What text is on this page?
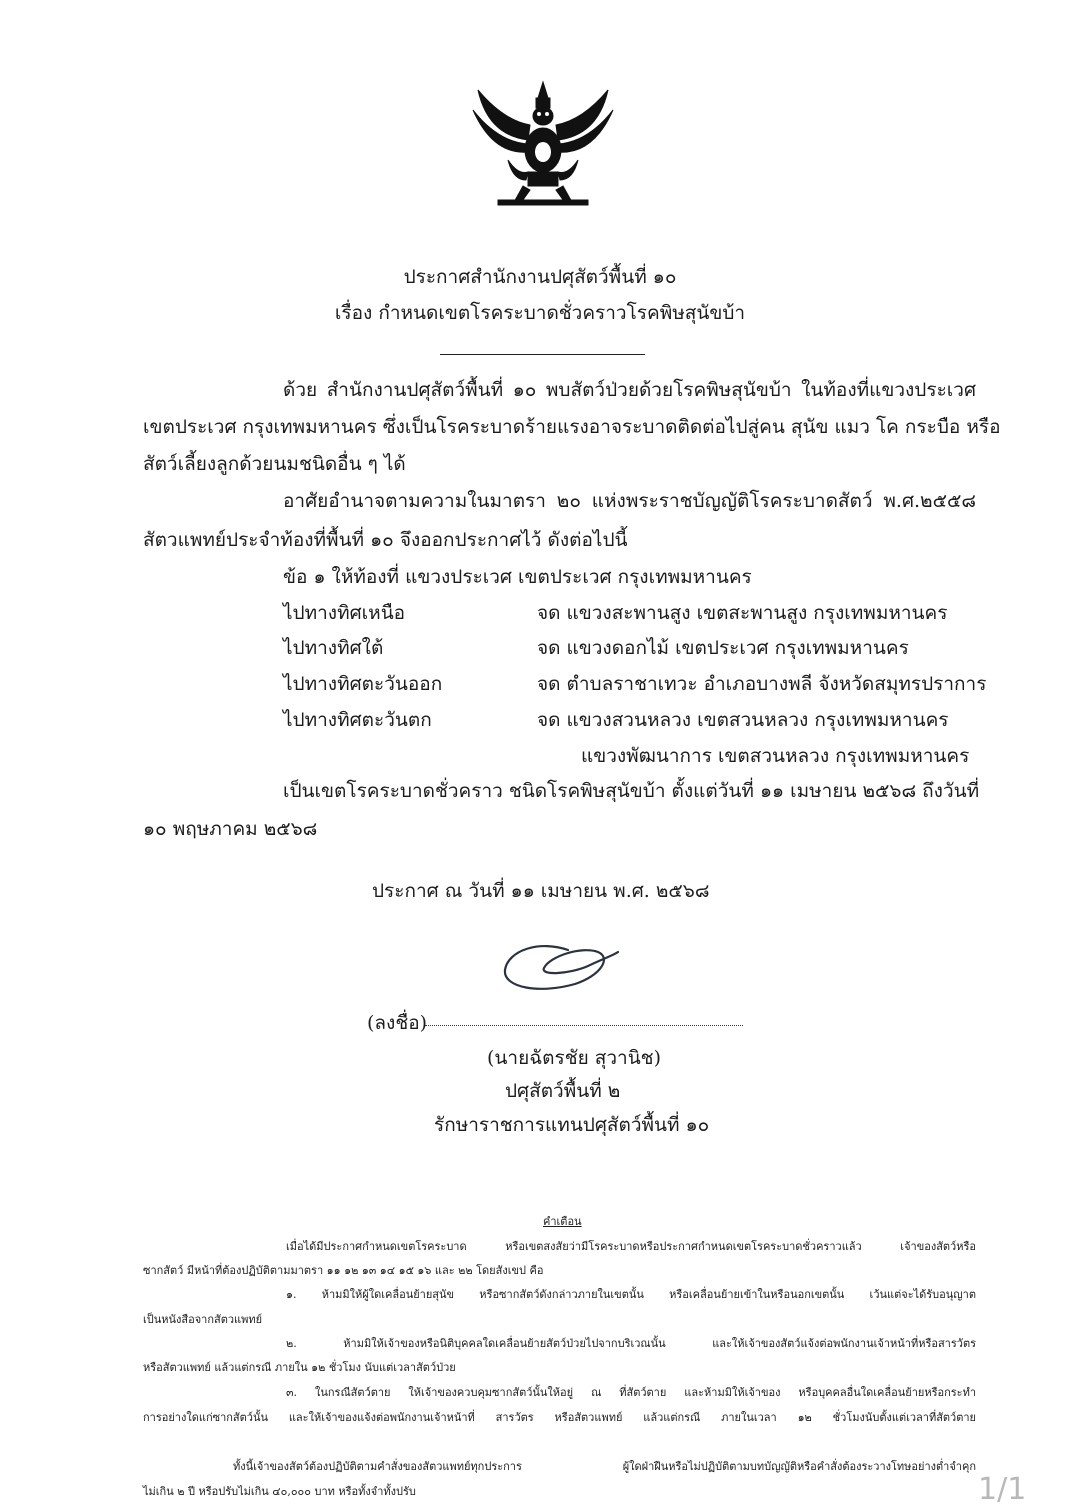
ประกาศสำนักงานปศุสัตว์พื้นที่ ๑๐
เรื่อง กำหนดเขตโรคระบาดชั่วคราวโรคพิษสุนัขบ้า
ด้วย สำนักงานปศุสัตว์พื้นที่ ๑๐ พบสัตว์ป่วยด้วยโรคพิษสุนัขบ้า ในท้องที่แขวงประเวศ
เขตประเวศ กรุงเทพมหานคร ซึ่งเป็นโรคระบาดร้ายแรงอาจระบาดติดต่อไปสู่คน สุนัข แมว โค กระบือ หรือ
สัตว์เลี้ยงลูกด้วยนมชนิดอื่น ๆ ได้
อาศัยอำนาจตามความในมาตรา ๒๐ แห่งพระราชบัญญัติโรคระบาดสัตว์ พ.ศ.๒๕๕๘
สัตวแพทย์ประจำท้องที่พื้นที่ ๑๐ จึงออกประกาศไว้ ดังต่อไปนี้
ข้อ ๑ ให้ท้องที่ แขวงประเวศ เขตประเวศ กรุงเทพมหานคร
ไปทางทิศเหนือ	จด แขวงสะพานสูง เขตสะพานสูง กรุงเทพมหานคร
ไปทางทิศใต้	จด แขวงดอกไม้ เขตประเวศ กรุงเทพมหานคร
ไปทางทิศตะวันออก	จด ตำบลราชาเทวะ อำเภอบางพลี จังหวัดสมุทรปราการ
ไปทางทิศตะวันตก	จด แขวงสวนหลวง เขตสวนหลวง กรุงเทพมหานคร
แขวงพัฒนาการ เขตสวนหลวง กรุงเทพมหานคร
เป็นเขตโรคระบาดชั่วคราว ชนิดโรคพิษสุนัขบ้า ตั้งแต่วันที่ ๑๑ เมษายน ๒๕๖๘ ถึงวันที่
๑๐ พฤษภาคม ๒๕๖๘
ประกาศ ณ วันที่ ๑๑ เมษายน พ.ศ. ๒๕๖๘
(ลงชื่อ)
(นายฉัตรชัย สุวานิช)
ปศุสัตว์พื้นที่ ๒
รักษาราชการแทนปศุสัตว์พื้นที่ ๑๐
คำเตือน
เมื่อได้มีประกาศกำหนดเขตโรคระบาด หรือเขตสงสัยว่ามีโรคระบาดหรือประกาศกำหนดเขตโรคระบาดชั่วคราวแล้ว เจ้าของสัตว์หรือ
ซากสัตว์ มีหน้าที่ต้องปฏิบัติตามมาตรา ๑๑ ๑๒ ๑๓ ๑๔ ๑๕ ๑๖ และ ๒๒ โดยสังเขป คือ
๑. ห้ามมิให้ผู้ใดเคลื่อนย้ายสุนัข หรือซากสัตว์ดังกล่าวภายในเขตนั้น หรือเคลื่อนย้ายเข้าในหรือนอกเขตนั้น เว้นแต่จะได้รับอนุญาต
เป็นหนังสือจากสัตวแพทย์
๒. ห้ามมิให้เจ้าของหรือนิติบุคคลใดเคลื่อนย้ายสัตว์ป่วยไปจากบริเวณนั้น และให้เจ้าของสัตว์แจ้งต่อพนักงานเจ้าหน้าที่หรือสารวัตร
หรือสัตวแพทย์ แล้วแต่กรณี ภายใน ๑๒ ชั่วโมง นับแต่เวลาสัตว์ป่วย
๓. ในกรณีสัตว์ตาย ให้เจ้าของควบคุมซากสัตว์นั้นให้อยู่ ณ ที่สัตว์ตาย และห้ามมิให้เจ้าของ หรือบุคคลอื่นใดเคลื่อนย้ายหรือกระทำ
การอย่างใดแก่ซากสัตว์นั้น และให้เจ้าของแจ้งต่อพนักงานเจ้าหน้าที่ สารวัตร หรือสัตวแพทย์ แล้วแต่กรณี ภายในเวลา ๑๒ ชั่วโมงนับตั้งแต่เวลาที่สัตว์ตาย
ทั้งนี้เจ้าของสัตว์ต้องปฏิบัติตามคำสั่งของสัตวแพทย์ทุกประการ ผู้ใดฝ่าฝืนหรือไม่ปฏิบัติตามบทบัญญัติหรือคำสั่งต้องระวางโทษอย่างต่ำจำคุก
ไม่เกิน ๒ ปี หรือปรับไม่เกิน ๔๐,๐๐๐ บาท หรือทั้งจำทั้งปรับ	1/1
